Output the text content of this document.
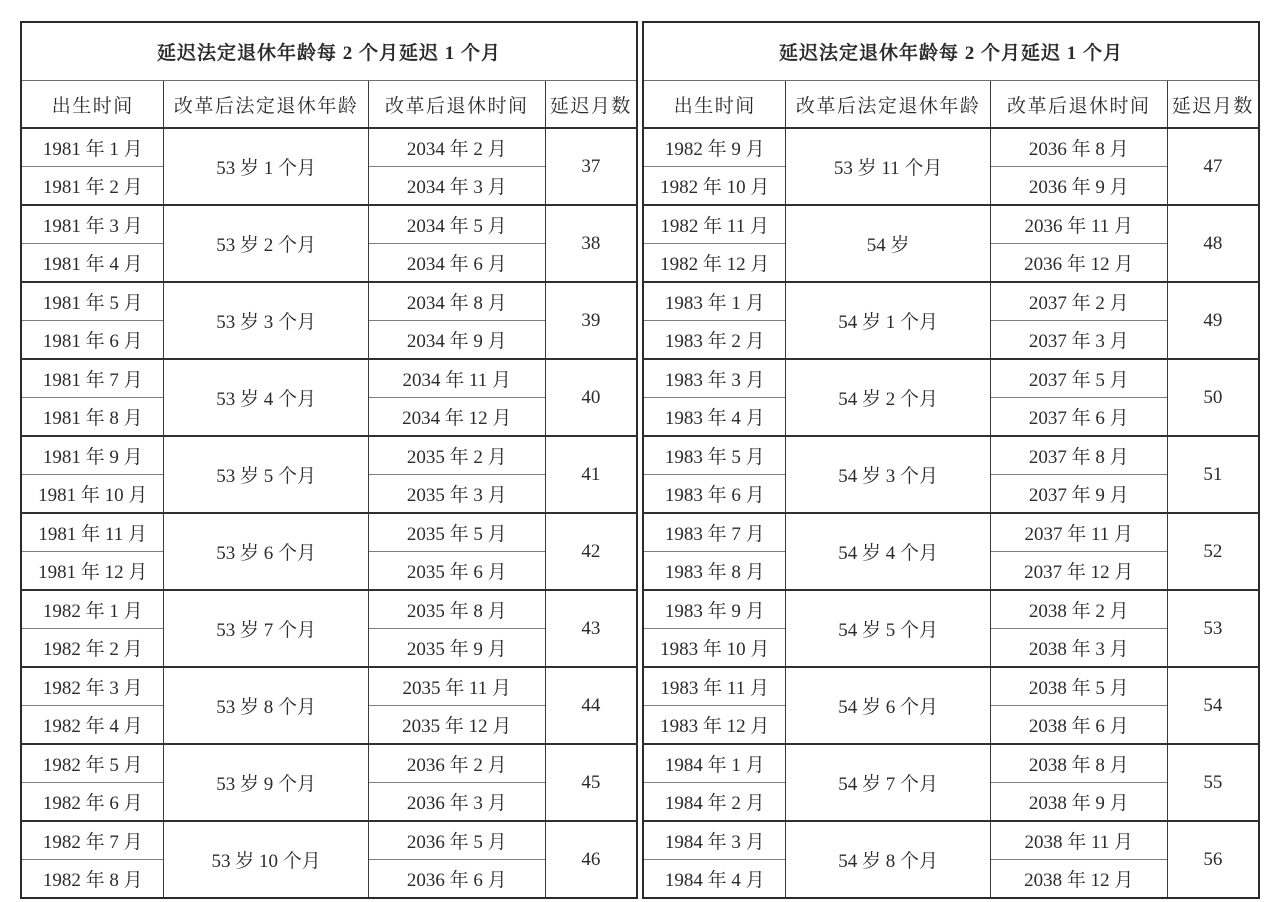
延迟法定退休年龄每 2 个月延迟 1 个月			
出生时间	改革后法定退休年龄	改革后退休时间	延迟月数
1981 年 1 月	53 岁 1 个月	2034 年 2 月	37
1981 年 2 月		2034 年 3 月	
1981 年 3 月	53 岁 2 个月	2034 年 5 月	38
1981 年 4 月		2034 年 6 月	
1981 年 5 月	53 岁 3 个月	2034 年 8 月	39
1981 年 6 月		2034 年 9 月	
1981 年 7 月	53 岁 4 个月	2034 年 11 月	40
1981 年 8 月		2034 年 12 月	
1981 年 9 月	53 岁 5 个月	2035 年 2 月	41
1981 年 10 月		2035 年 3 月	
1981 年 11 月	53 岁 6 个月	2035 年 5 月	42
1981 年 12 月		2035 年 6 月	
1982 年 1 月	53 岁 7 个月	2035 年 8 月	43
1982 年 2 月		2035 年 9 月	
1982 年 3 月	53 岁 8 个月	2035 年 11 月	44
1982 年 4 月		2035 年 12 月	
1982 年 5 月	53 岁 9 个月	2036 年 2 月	45
1982 年 6 月		2036 年 3 月	
1982 年 7 月	53 岁 10 个月	2036 年 5 月	46
1982 年 8 月		2036 年 6 月	
延迟法定退休年龄每 2 个月延迟 1 个月			
出生时间	改革后法定退休年龄	改革后退休时间	延迟月数
1982 年 9 月	53 岁 11 个月	2036 年 8 月	47
1982 年 10 月		2036 年 9 月	
1982 年 11 月	54 岁	2036 年 11 月	48
1982 年 12 月		2036 年 12 月	
1983 年 1 月	54 岁 1 个月	2037 年 2 月	49
1983 年 2 月		2037 年 3 月	
1983 年 3 月	54 岁 2 个月	2037 年 5 月	50
1983 年 4 月		2037 年 6 月	
1983 年 5 月	54 岁 3 个月	2037 年 8 月	51
1983 年 6 月		2037 年 9 月	
1983 年 7 月	54 岁 4 个月	2037 年 11 月	52
1983 年 8 月		2037 年 12 月	
1983 年 9 月	54 岁 5 个月	2038 年 2 月	53
1983 年 10 月		2038 年 3 月	
1983 年 11 月	54 岁 6 个月	2038 年 5 月	54
1983 年 12 月		2038 年 6 月	
1984 年 1 月	54 岁 7 个月	2038 年 8 月	55
1984 年 2 月		2038 年 9 月	
1984 年 3 月	54 岁 8 个月	2038 年 11 月	56
1984 年 4 月		2038 年 12 月	
